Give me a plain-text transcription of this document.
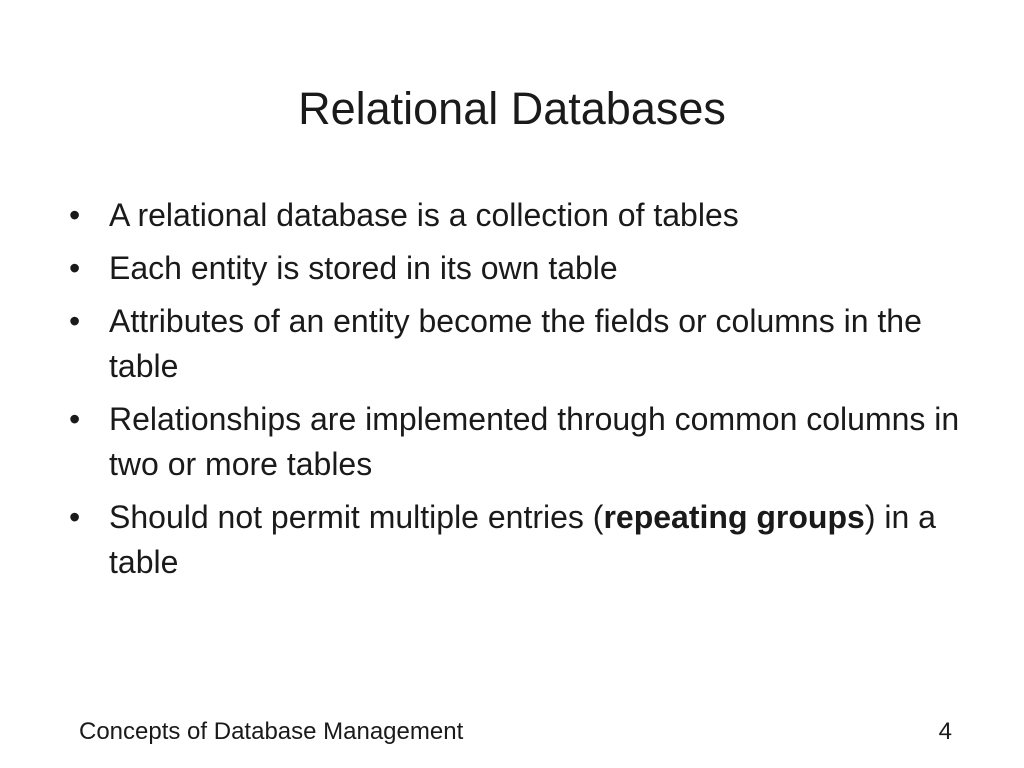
Relational Databases
• A relational database is a collection of tables
• Each entity is stored in its own table
• Attributes of an entity become the fields or columns in the table
• Relationships are implemented through common columns in two or more tables
• Should not permit multiple entries (repeating groups) in a table
Concepts of Database Management	4
